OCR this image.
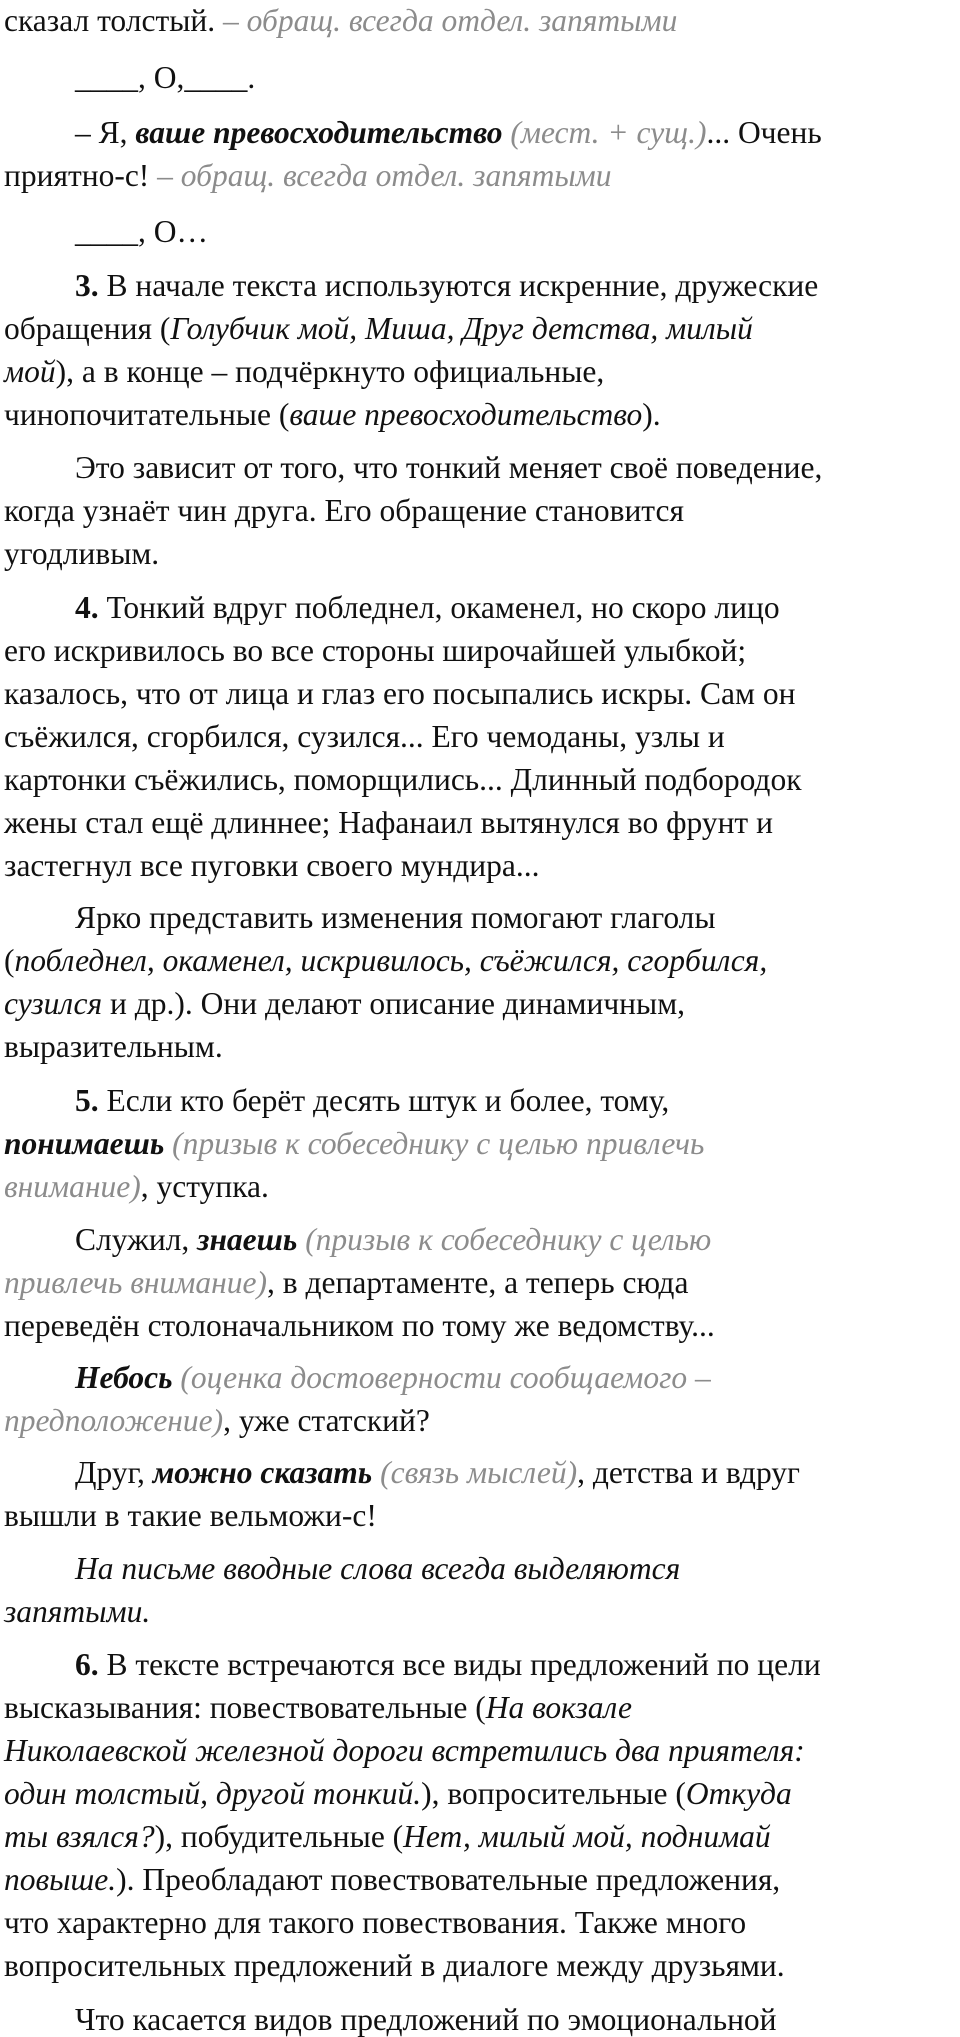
сказал толстый. – обращ. всегда отдел. запятыми
____, О,____.
– Я, ваше превосходительство (мест. + сущ.)... Очень
приятно-с! – обращ. всегда отдел. запятыми
____, О…
3. В начале текста используются искренние, дружеские
обращения (Голубчик мой, Миша, Друг детства, милый
мой), а в конце – подчёркнуто официальные,
чинопочитательные (ваше превосходительство).
Это зависит от того, что тонкий меняет своё поведение,
когда узнаёт чин друга. Его обращение становится
угодливым.
4. Тонкий вдруг побледнел, окаменел, но скоро лицо
его искривилось во все стороны широчайшей улыбкой;
казалось, что от лица и глаз его посыпались искры. Сам он
съёжился, сгорбился, сузился... Его чемоданы, узлы и
картонки съёжились, поморщились... Длинный подбородок
жены стал ещё длиннее; Нафанаил вытянулся во фрунт и
застегнул все пуговки своего мундира...
Ярко представить изменения помогают глаголы
(побледнел, окаменел, искривилось, съёжился, сгорбился,
сузился и др.). Они делают описание динамичным,
выразительным.
5. Если кто берёт десять штук и более, тому,
понимаешь (призыв к собеседнику с целью привлечь
внимание), уступка.
Служил, знаешь (призыв к собеседнику с целью
привлечь внимание), в департаменте, а теперь сюда
переведён столоначальником по тому же ведомству...
Небось (оценка достоверности сообщаемого –
предположение), уже статский?
Друг, можно сказать (связь мыслей), детства и вдруг
вышли в такие вельможи-с!
На письме вводные слова всегда выделяются
запятыми.
6. В тексте встречаются все виды предложений по цели
высказывания: повествовательные (На вокзале
Николаевской железной дороги встретились два приятеля:
один толстый, другой тонкий.), вопросительные (Откуда
ты взялся?), побудительные (Нет, милый мой, поднимай
повыше.). Преобладают повествовательные предложения,
что характерно для такого повествования. Также много
вопросительных предложений в диалоге между друзьями.
Что касается видов предложений по эмоциональной
